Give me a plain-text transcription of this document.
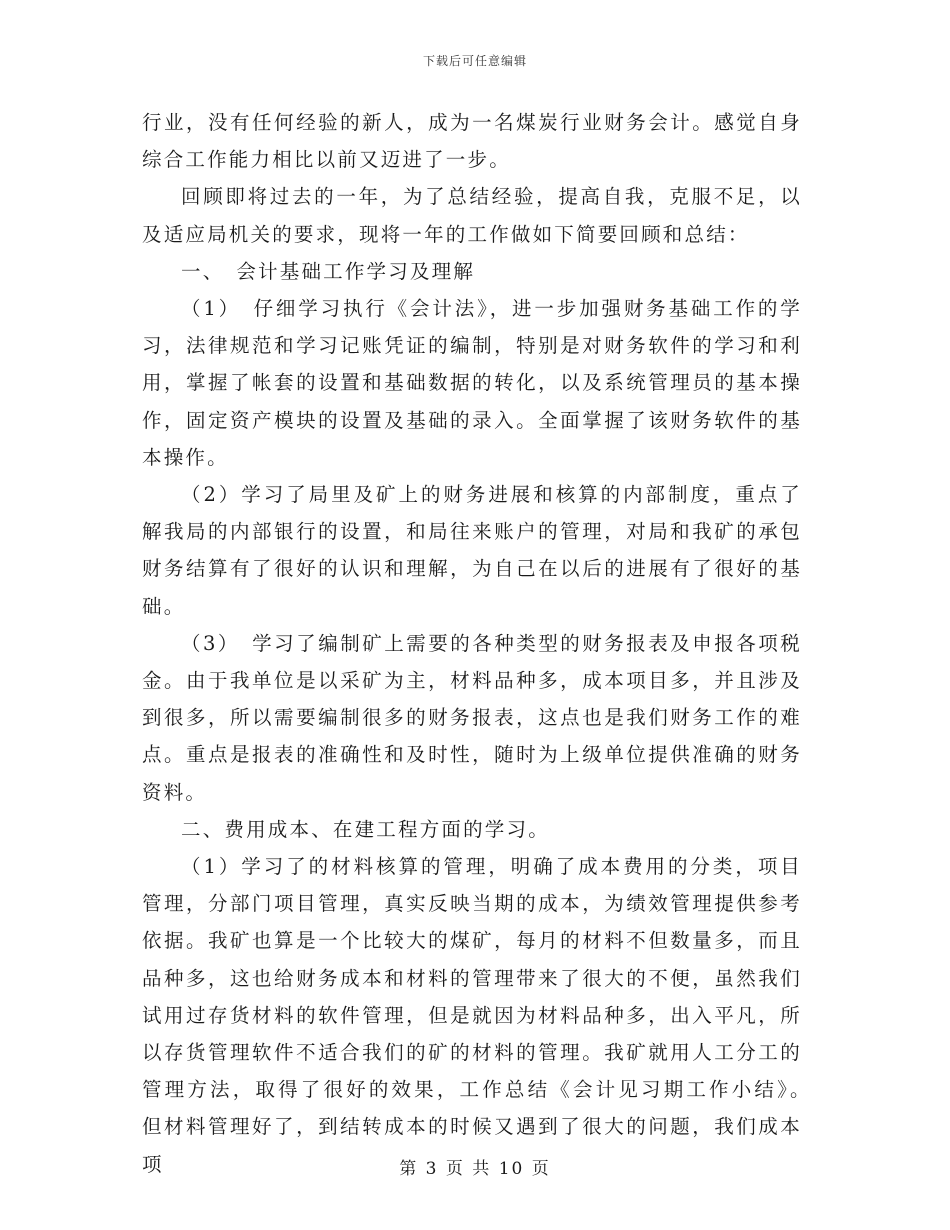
下载后可任意编辑

行业，没有任何经验的新人，成为一名煤炭行业财务会计。感觉自身综合工作能力相比以前又迈进了一步。

回顾即将过去的一年，为了总结经验，提高自我，克服不足，以及适应局机关的要求，现将一年的工作做如下简要回顾和总结：

一、　会计基础工作学习及理解

（1）　仔细学习执行《会计法》，进一步加强财务基础工作的学习，法律规范和学习记账凭证的编制，特别是对财务软件的学习和利用，掌握了帐套的设置和基础数据的转化，以及系统管理员的基本操作，固定资产模块的设置及基础的录入。全面掌握了该财务软件的基本操作。

（2）学习了局里及矿上的财务进展和核算的内部制度，重点了解我局的内部银行的设置，和局往来账户的管理，对局和我矿的承包财务结算有了很好的认识和理解，为自己在以后的进展有了很好的基础。

（3）　学习了编制矿上需要的各种类型的财务报表及申报各项税金。由于我单位是以采矿为主，材料品种多，成本项目多，并且涉及到很多，所以需要编制很多的财务报表，这点也是我们财务工作的难点。重点是报表的准确性和及时性，随时为上级单位提供准确的财务资料。

二、费用成本、在建工程方面的学习。

（1）学习了的材料核算的管理，明确了成本费用的分类，项目管理，分部门项目管理，真实反映当期的成本，为绩效管理提供参考依据。我矿也算是一个比较大的煤矿，每月的材料不但数量多，而且品种多，这也给财务成本和材料的管理带来了很大的不便，虽然我们试用过存货材料的软件管理，但是就因为材料品种多，出入平凡，所以存货管理软件不适合我们的矿的材料的管理。我矿就用人工分工的管理方法，取得了很好的效果，工作总结《会计见习期工作小结》。　但材料管理好了，到结转成本的时候又遇到了很大的问题，我们成本项	第 3 页 共 10 页
